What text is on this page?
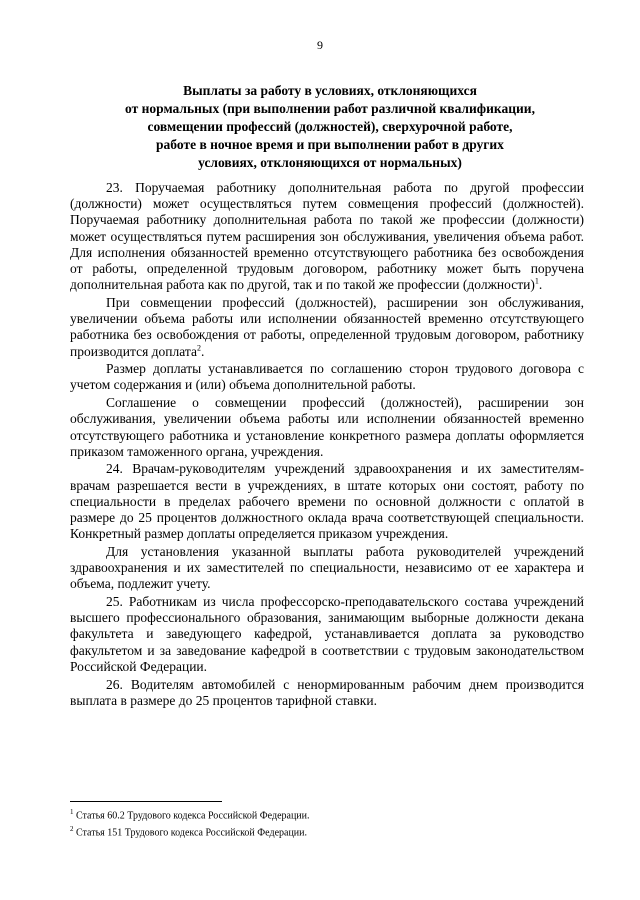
9
Выплаты за работу в условиях, отклоняющихся
от нормальных (при выполнении работ различной квалификации,
совмещении профессий (должностей), сверхурочной работе,
работе в ночное время и при выполнении работ в других
условиях, отклоняющихся от нормальных)

23. Поручаемая работнику дополнительная работа по другой профессии (должности) может осуществляться путем совмещения профессий (должностей). Поручаемая работнику дополнительная работа по такой же профессии (должности) может осуществляться путем расширения зон обслуживания, увеличения объема работ. Для исполнения обязанностей временно отсутствующего работника без освобождения от работы, определенной трудовым договором, работнику может быть поручена дополнительная работа как по другой, так и по такой же профессии (должности)$^1$.

При совмещении профессий (должностей), расширении зон обслуживания, увеличении объема работы или исполнении обязанностей временно отсутствующего работника без освобождения от работы, определенной трудовым договором, работнику производится доплата$^2$.

Размер доплаты устанавливается по соглашению сторон трудового договора с учетом содержания и (или) объема дополнительной работы.

Соглашение о совмещении профессий (должностей), расширении зон обслуживания, увеличении объема работы или исполнении обязанностей временно отсутствующего работника и установление конкретного размера доплаты оформляется приказом таможенного органа, учреждения.

24. Врачам-руководителям учреждений здравоохранения и их заместителям- врачам разрешается вести в учреждениях, в штате которых они состоят, работу по специальности в пределах рабочего времени по основной должности с оплатой в размере до 25 процентов должностного оклада врача соответствующей специальности. Конкретный размер доплаты определяется приказом учреждения.

Для установления указанной выплаты работа руководителей учреждений здравоохранения и их заместителей по специальности, независимо от ее характера и объема, подлежит учету.

25. Работникам из числа профессорско-преподавательского состава учреждений высшего профессионального образования, занимающим выборные должности декана факультета и заведующего кафедрой, устанавливается доплата за руководство факультетом и за заведование кафедрой в соответствии с трудовым законодательством Российской Федерации.

26. Водителям автомобилей с ненормированным рабочим днем производится выплата в размере до 25 процентов тарифной ставки.

$^1$ Статья 60.2 Трудового кодекса Российской Федерации.
$^2$ Статья 151 Трудового кодекса Российской Федерации.
